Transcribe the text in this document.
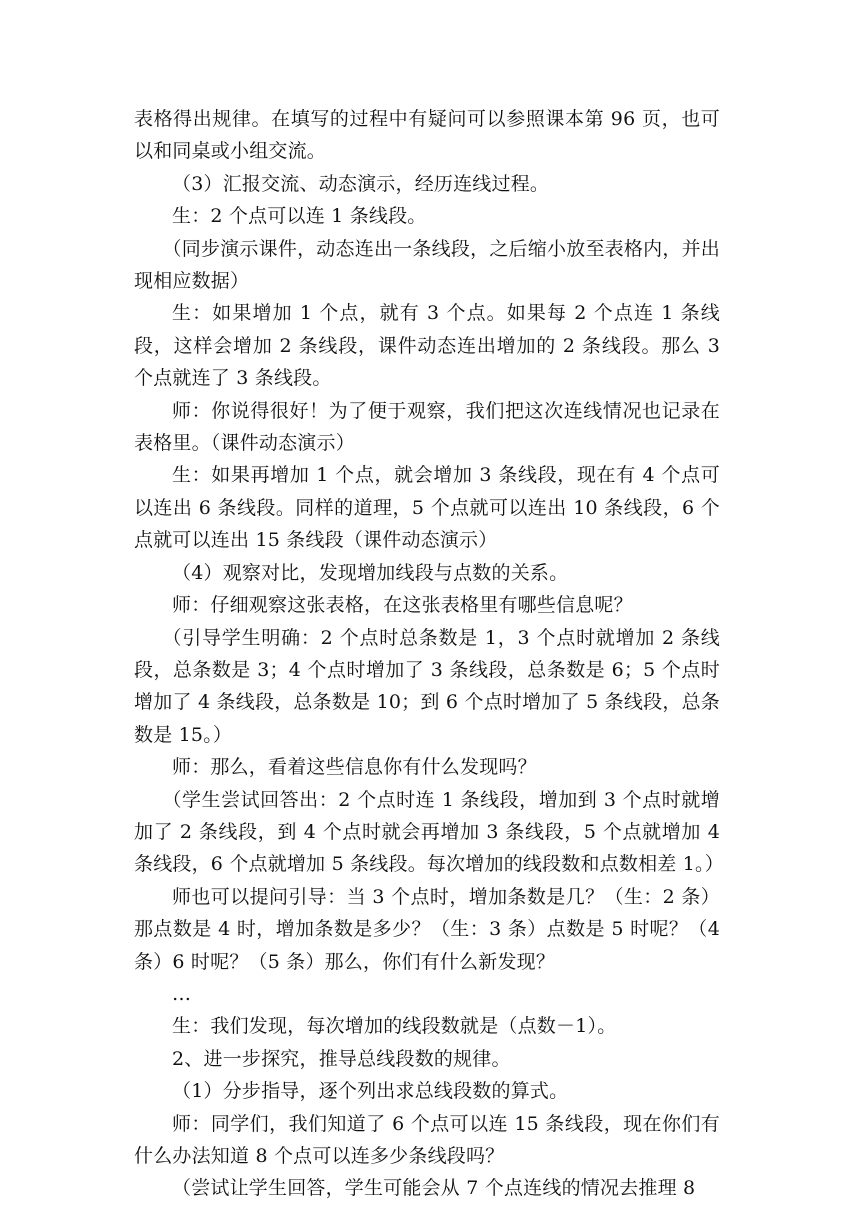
表格得出规律。在填写的过程中有疑问可以参照课本第 96 页，也可以和同桌或小组交流。

（3）汇报交流、动态演示，经历连线过程。

生：2 个点可以连 1 条线段。

（同步演示课件，动态连出一条线段，之后缩小放至表格内，并出现相应数据）

生：如果增加 1 个点，就有 3 个点。如果每 2 个点连 1 条线段，这样会增加 2 条线段，课件动态连出增加的 2 条线段。那么 3 个点就连了 3 条线段。

师：你说得很好！为了便于观察，我们把这次连线情况也记录在表格里。（课件动态演示）

生：如果再增加 1 个点，就会增加 3 条线段，现在有 4 个点可以连出 6 条线段。同样的道理，5 个点就可以连出 10 条线段，6 个点就可以连出 15 条线段（课件动态演示）

（4）观察对比，发现增加线段与点数的关系。

师：仔细观察这张表格，在这张表格里有哪些信息呢？

（引导学生明确：2 个点时总条数是 1，3 个点时就增加 2 条线段，总条数是 3；4 个点时增加了 3 条线段，总条数是 6；5 个点时增加了 4 条线段，总条数是 10；到 6 个点时增加了 5 条线段，总条数是 15。）

师：那么，看着这些信息你有什么发现吗？

（学生尝试回答出：2 个点时连 1 条线段，增加到 3 个点时就增加了 2 条线段，到 4 个点时就会再增加 3 条线段，5 个点就增加 4 条线段，6 个点就增加 5 条线段。每次增加的线段数和点数相差 1。）

师也可以提问引导：当 3 个点时，增加条数是几？（生：2 条）那点数是 4 时，增加条数是多少？（生：3 条）点数是 5 时呢？（4 条）6 时呢？（5 条）那么，你们有什么新发现？

…

生：我们发现，每次增加的线段数就是（点数－1）。

2、进一步探究，推导总线段数的规律。

（1）分步指导，逐个列出求总线段数的算式。

师：同学们，我们知道了 6 个点可以连 15 条线段，现在你们有什么办法知道 8 个点可以连多少条线段吗？

（尝试让学生回答，学生可能会从 7 个点连线的情况去推理 8
